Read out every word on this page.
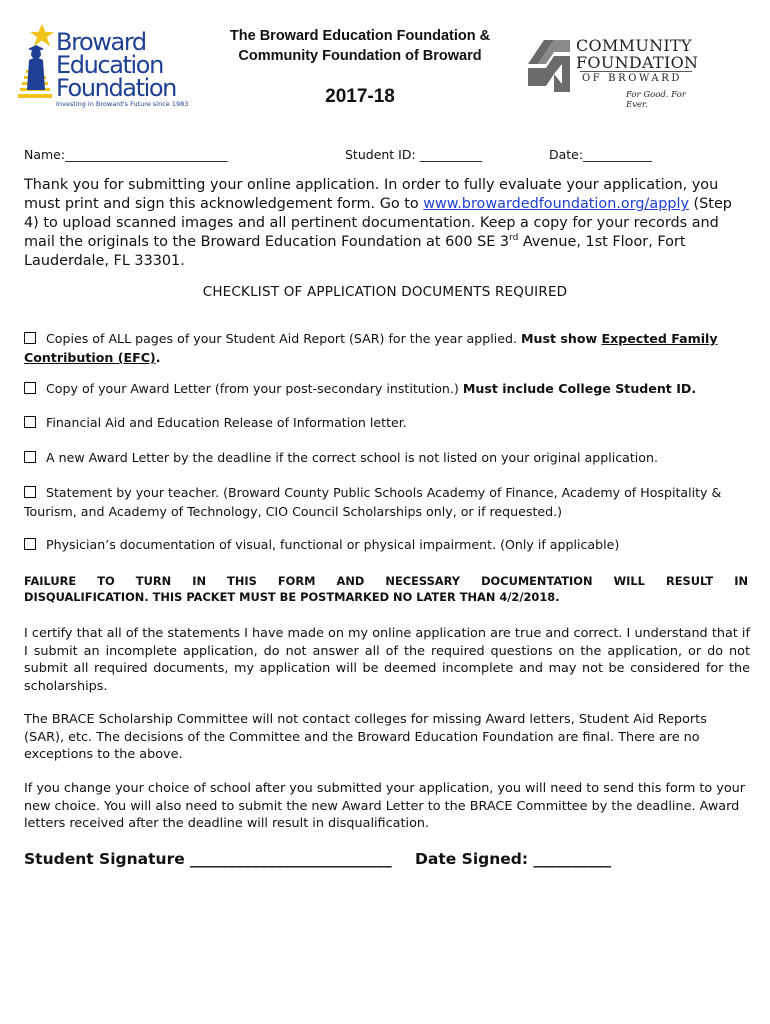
Broward
Education
Foundation
Investing in Broward's Future since 1983
The Broward Education Foundation &
Community Foundation of Broward
2017-18
COMMUNITY
FOUNDATION
OF BROWARD
For Good. For Ever.
Name:__________________________	Student ID: __________	Date:___________
Thank you for submitting your online application. In order to fully evaluate your application, you must print and sign this acknowledgement form. Go to www.browardedfoundation.org/apply (Step 4) to upload scanned images and all pertinent documentation. Keep a copy for your records and mail the originals to the Broward Education Foundation at 600 SE 3rd Avenue, 1st Floor, Fort Lauderdale, FL 33301.
CHECKLIST OF APPLICATION DOCUMENTS REQUIRED
Copies of ALL pages of your Student Aid Report (SAR) for the year applied. Must show Expected Family Contribution (EFC).
Copy of your Award Letter (from your post-secondary institution.) Must include College Student ID.
Financial Aid and Education Release of Information letter.
A new Award Letter by the deadline if the correct school is not listed on your original application.
Statement by your teacher. (Broward County Public Schools Academy of Finance, Academy of Hospitality & Tourism, and Academy of Technology, CIO Council Scholarships only, or if requested.)
Physician’s documentation of visual, functional or physical impairment. (Only if applicable)
FAILURE TO TURN IN THIS FORM AND NECESSARY DOCUMENTATION WILL RESULT IN
DISQUALIFICATION. THIS PACKET MUST BE POSTMARKED NO LATER THAN 4/2/2018.
I certify that all of the statements I have made on my online application are true and correct. I understand that if I submit an incomplete application, do not answer all of the required questions on the application, or do not submit all required documents, my application will be deemed incomplete and may not be considered for the scholarships.
The BRACE Scholarship Committee will not contact colleges for missing Award letters, Student Aid Reports (SAR), etc. The decisions of the Committee and the Broward Education Foundation are final. There are no exceptions to the above.
If you change your choice of school after you submitted your application, you will need to send this form to your new choice. You will also need to submit the new Award Letter to the BRACE Committee by the deadline. Award letters received after the deadline will result in disqualification.
Student Signature __________________________ Date Signed: __________
